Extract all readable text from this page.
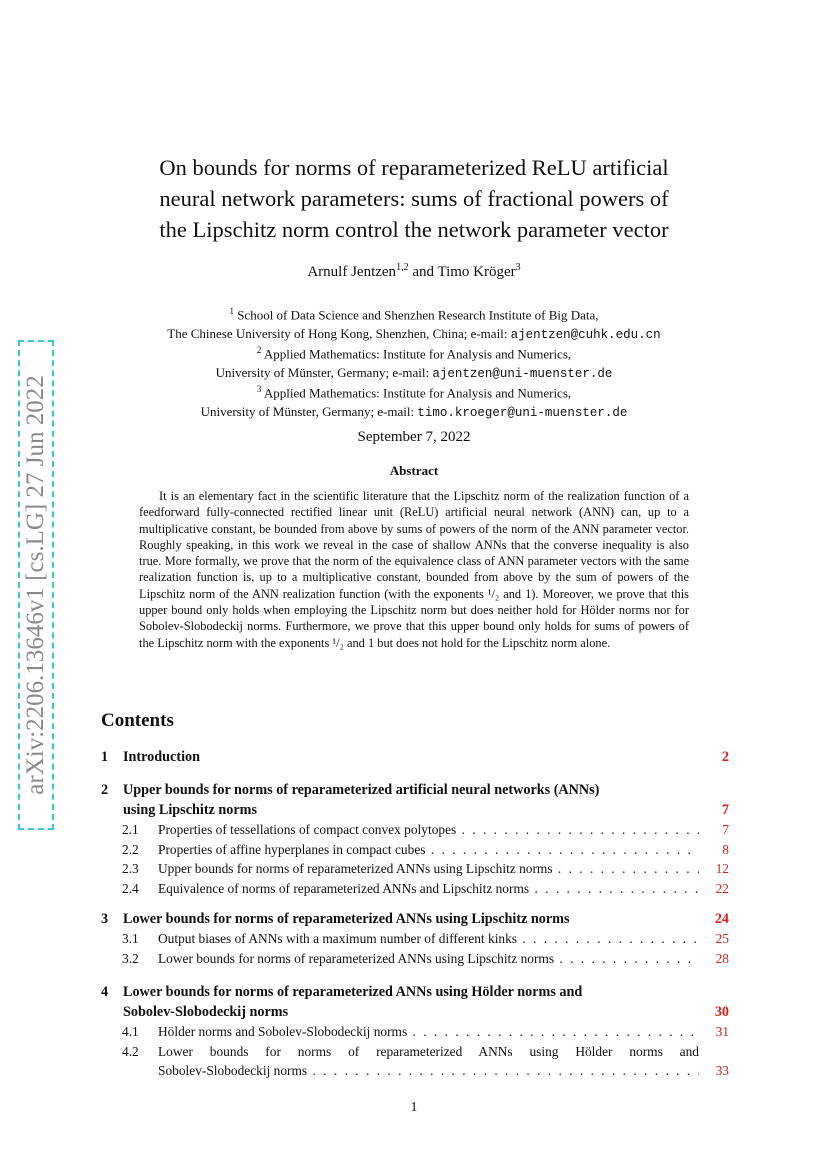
arXiv:2206.13646v1 [cs.LG] 27 Jun 2022
On bounds for norms of reparameterized ReLU artificial
neural network parameters: sums of fractional powers of
the Lipschitz norm control the network parameter vector
Arnulf Jentzen$^{1,2}$ and Timo Kröger$^3$
$^1$ School of Data Science and Shenzhen Research Institute of Big Data,
The Chinese University of Hong Kong, Shenzhen, China; e-mail: ajentzen@cuhk.edu.cn
$^2$ Applied Mathematics: Institute for Analysis and Numerics,
University of Münster, Germany; e-mail: ajentzen@uni-muenster.de
$^3$ Applied Mathematics: Institute for Analysis and Numerics,
University of Münster, Germany; e-mail: timo.kroeger@uni-muenster.de
September 7, 2022
Abstract
It is an elementary fact in the scientific literature that the Lipschitz norm of the realization function of a feedforward fully-connected rectified linear unit (ReLU) artificial neural network (ANN) can, up to a multiplicative constant, be bounded from above by sums of powers of the norm of the ANN parameter vector. Roughly speaking, in this work we reveal in the case of shallow ANNs that the converse inequality is also true. More formally, we prove that the norm of the equivalence class of ANN parameter vectors with the same realization function is, up to a multiplicative constant, bounded from above by the sum of powers of the Lipschitz norm of the ANN realization function (with the exponents ¹/₂ and 1). Moreover, we prove that this upper bound only holds when employing the Lipschitz norm but does neither hold for Hölder norms nor for Sobolev-Slobodeckij norms. Furthermore, we prove that this upper bound only holds for sums of powers of the Lipschitz norm with the exponents ¹/₂ and 1 but does not hold for the Lipschitz norm alone.
Contents
1	Introduction	2
2	Upper bounds for norms of reparameterized artificial neural networks (ANNs)
using Lipschitz norms	7
2.1	Properties of tessellations of compact convex polytopes . . .	7
2.2	Properties of affine hyperplanes in compact cubes . . .	8
2.3	Upper bounds for norms of reparameterized ANNs using Lipschitz norms . . .	12
2.4	Equivalence of norms of reparameterized ANNs and Lipschitz norms . . .	22
3	Lower bounds for norms of reparameterized ANNs using Lipschitz norms	24
3.1	Output biases of ANNs with a maximum number of different kinks . . .	25
3.2	Lower bounds for norms of reparameterized ANNs using Lipschitz norms . . .	28
4	Lower bounds for norms of reparameterized ANNs using Hölder norms and
Sobolev-Slobodeckij norms	30
4.1	Hölder norms and Sobolev-Slobodeckij norms . . .	31
4.2	Lower bounds for norms of reparameterized ANNs using Hölder norms and
Sobolev-Slobodeckij norms . . .	33
1
